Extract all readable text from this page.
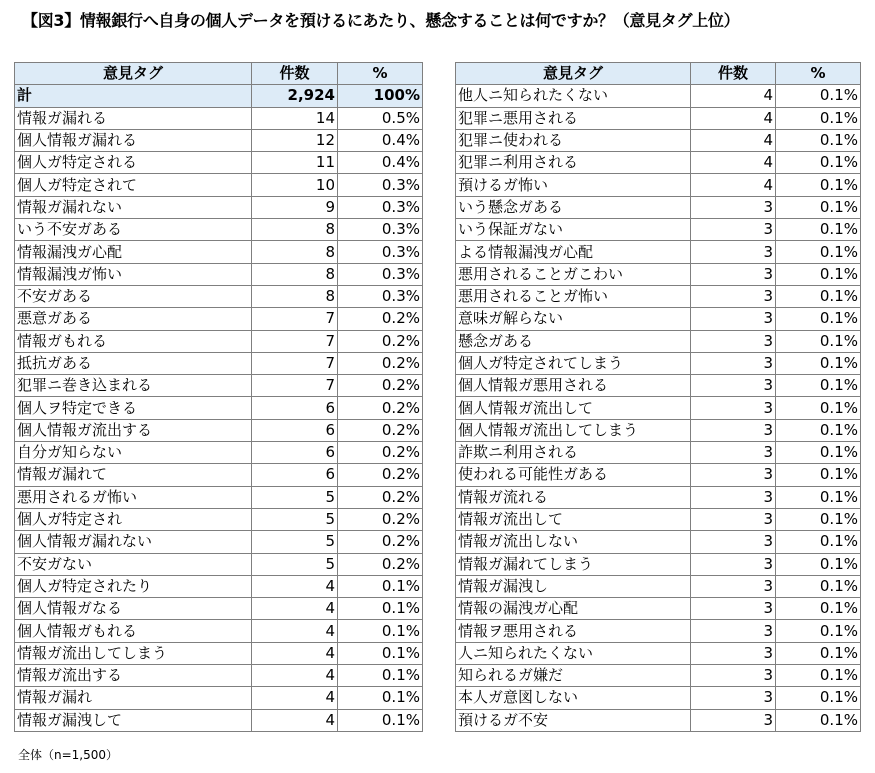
【図3】情報銀行へ自身の個人データを預けるにあたり、懸念することは何ですか？（意見タグ上位）
意見タグ	件数	%
計	2,924	100%
情報ガ漏れる	14	0.5%
個人情報ガ漏れる	12	0.4%
個人ガ特定される	11	0.4%
個人ガ特定されて	10	0.3%
情報ガ漏れない	9	0.3%
いう不安ガある	8	0.3%
情報漏洩ガ心配	8	0.3%
情報漏洩ガ怖い	8	0.3%
不安ガある	8	0.3%
悪意ガある	7	0.2%
情報ガもれる	7	0.2%
抵抗ガある	7	0.2%
犯罪ニ巻き込まれる	7	0.2%
個人ヲ特定できる	6	0.2%
個人情報ガ流出する	6	0.2%
自分ガ知らない	6	0.2%
情報ガ漏れて	6	0.2%
悪用されるガ怖い	5	0.2%
個人ガ特定され	5	0.2%
個人情報ガ漏れない	5	0.2%
不安ガない	5	0.2%
個人ガ特定されたり	4	0.1%
個人情報ガなる	4	0.1%
個人情報ガもれる	4	0.1%
情報ガ流出してしまう	4	0.1%
情報ガ流出する	4	0.1%
情報ガ漏れ	4	0.1%
情報ガ漏洩して	4	0.1%
意見タグ	件数	%
他人ニ知られたくない	4	0.1%
犯罪ニ悪用される	4	0.1%
犯罪ニ使われる	4	0.1%
犯罪ニ利用される	4	0.1%
預けるガ怖い	4	0.1%
いう懸念ガある	3	0.1%
いう保証ガない	3	0.1%
よる情報漏洩ガ心配	3	0.1%
悪用されることガこわい	3	0.1%
悪用されることガ怖い	3	0.1%
意味ガ解らない	3	0.1%
懸念ガある	3	0.1%
個人ガ特定されてしまう	3	0.1%
個人情報ガ悪用される	3	0.1%
個人情報ガ流出して	3	0.1%
個人情報ガ流出してしまう	3	0.1%
詐欺ニ利用される	3	0.1%
使われる可能性ガある	3	0.1%
情報ガ流れる	3	0.1%
情報ガ流出して	3	0.1%
情報ガ流出しない	3	0.1%
情報ガ漏れてしまう	3	0.1%
情報ガ漏洩し	3	0.1%
情報の漏洩ガ心配	3	0.1%
情報ヲ悪用される	3	0.1%
人ニ知られたくない	3	0.1%
知られるガ嫌だ	3	0.1%
本人ガ意図しない	3	0.1%
預けるガ不安	3	0.1%
全体（n=1,500）
